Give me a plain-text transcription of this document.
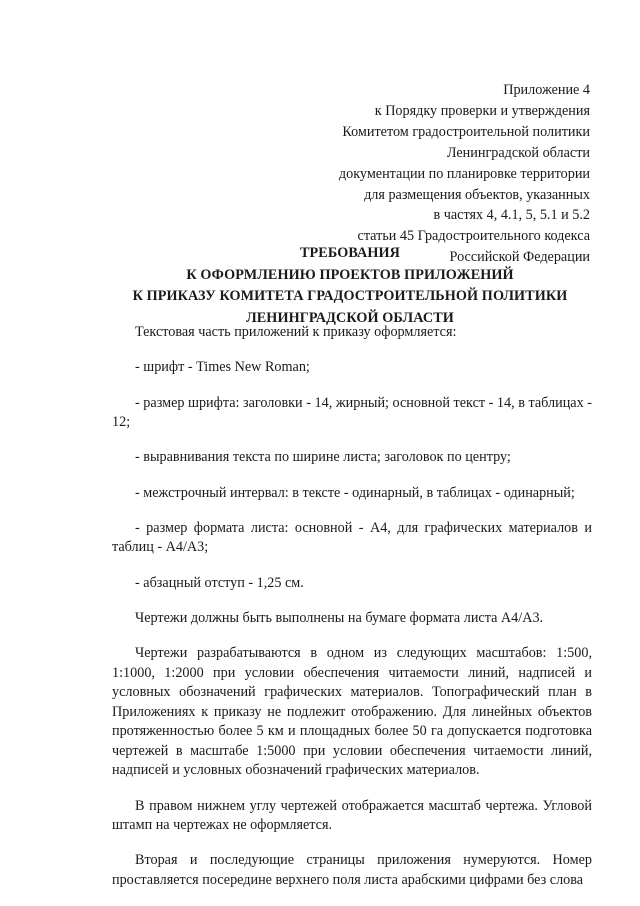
Приложение 4
к Порядку проверки и утверждения
Комитетом градостроительной политики
Ленинградской области
документации по планировке территории
для размещения объектов, указанных
в частях 4, 4.1, 5, 5.1 и 5.2
статьи 45 Градостроительного кодекса
Российской Федерации
ТРЕБОВАНИЯ
К ОФОРМЛЕНИЮ ПРОЕКТОВ ПРИЛОЖЕНИЙ
К ПРИКАЗУ КОМИТЕТА ГРАДОСТРОИТЕЛЬНОЙ ПОЛИТИКИ
ЛЕНИНГРАДСКОЙ ОБЛАСТИ

Текстовая часть приложений к приказу оформляется:

- шрифт - Times New Roman;

- размер шрифта: заголовки - 14, жирный; основной текст - 14, в таблицах - 12;

- выравнивания текста по ширине листа; заголовок по центру;

- межстрочный интервал: в тексте - одинарный, в таблицах - одинарный;

- размер формата листа: основной - А4, для графических материалов и таблиц - А4/А3;

- абзацный отступ - 1,25 см.

Чертежи должны быть выполнены на бумаге формата листа А4/А3.

Чертежи разрабатываются в одном из следующих масштабов: 1:500, 1:1000, 1:2000 при условии обеспечения читаемости линий, надписей и условных обозначений графических материалов. Топографический план в Приложениях к приказу не подлежит отображению. Для линейных объектов протяженностью более 5 км и площадных более 50 га допускается подготовка чертежей в масштабе 1:5000 при условии обеспечения читаемости линий, надписей и условных обозначений графических материалов.

В правом нижнем углу чертежей отображается масштаб чертежа. Угловой штамп на чертежах не оформляется.

Вторая и последующие страницы приложения нумеруются. Номер проставляется посередине верхнего поля листа арабскими цифрами без слова
